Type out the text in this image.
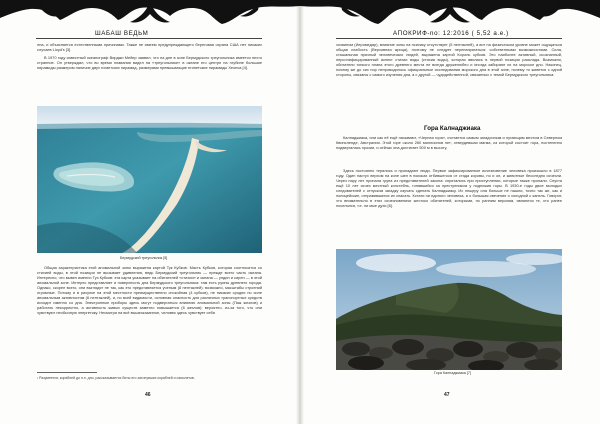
ШАБАШ ВЕДЬМ	АПОКРИФ-no: 12:2016 ( 5,52 a.e.)

лна, и объясняется естественными причинами. Также не имеем предупреждающего береговая охрана США нет никаких случаев Lloyd's [3].

В 1970 году известный океанограф Вирджи Мейер заявил, что на дне в зоне Бермудского треугольника имеется нечто странное. Он утверждал, что во время плавания видел на «треугольнике» в океане его центре на глубине большие пирамиды размером наличие двух гигантских пирамид, размерами превышающие египетские пирамиды Хеопса [4].

Бермудский треугольник [5]

Общая характеристика этой аномальной зоны выражена картой Тук Кубков. Масть Кубков, которая соотносится со стихией воды, в этой позиции не вызывает удивления, ведь Бермудский треугольник — прежде всего часть океана. Интересно, что вывел именно Туз Кубков: эта карта указывает на обитателей «стихии» и океана — ундин и сирен — в этой аномальной зоне. Интерес представляет и поверхность дна Бермудского треугольника: там есть руины древнего города. Однако, скорее всего, они выглядят не так, как это представляется ученым (8 пентаклей): возможно, масштабы строений огромные. Потому и в рисунке на этой местности преимущественно спокойная (4 кубков), не никаких сродни по силе аномальным активностям (6 пентаклей), и, по всей видимости, основная опасность для различных транспортных средств исходит именно со дна. Электронные приборы здесь могут подвергаться влиянию аномальной зоны (Паж жезлов) и работать некорректно, а активность живых существ заметно повышается (6 жезлов): вероятно, из-за того, что они чувствуют необычную энергетику. Несмотря на всё вышесказанное, человек здесь чувствует себя

¹ Разумеется, кораблей до н.э. дно, рассказывается биты его затонувших кораблей и самолетов.
46

хозяином (Иеромедар), влияние зоны на психику отсутствует (5 пентаклей), а вот на физическом уровне может ощущаться общая слабость (Верховная жрица), поэтому не следует перенапрягаться: собственными возможностями. Сила, сташальная прячный человеческих людей, выражена картой Король кубков. Это наиболее активный, осознанный, персонифицированный аспект стихии воды (стихия воды), которая явилась в первой позиции расклада. Возможно, обитатели тонкого плана этого древнего места не всегда дружелюбно и иногда забирают их на морское дно. Наконец, почему же до сих пор непроводилось официальные исследования морского дна в этой зоне, почему то живется с одной стороны, связаны с самого изучения дна, а с другой — чудодейственной, связанных с темой Бермудского треугольника.

Гора Калнаджиака

Калнаджиака, или как её ещё называют, «Черная гора», считается самым загадочным и пугающим местом в Северном Квинсленде, Австралия. Этой горе около 260 миллионов лет; отвердевшая магма, из которой состоит гора, постепенно подвергалась эрозии, и сейчас она достигает 500 м в высоту.

Здесь постоянно терялись и пропадают люди. Первое зафиксированное исчезновение человека произошло в 1877 году. Один пастух верхом на коне шел в поисках отбившегося от стада коровы, но и он, и животные бесследно исчезли. Через пару лет пропала група из представителей закона: спрятались при приступлении, которые также пропали. Спустя ещё 10 лет исчез местный констебль, гонявшийся за преступником у подножия горы. В 1930-е годы двое молодых следователей с отпуском загадку изучать сделать Калнаджиаку. Их пещеру она больше не нашли, точно так же, как и полицейские, отправившиеся их спасать. Кстати ни единого человека, и о большая свечение о холодной с капель. Говорят, что внимательно в этих исчезновениях жестоко обитателей, которыми, по ранним версиям, являются те, кто ранее поселялся, т.е. ли мые духи [6].

Гора Калнаджиака [7]
47
